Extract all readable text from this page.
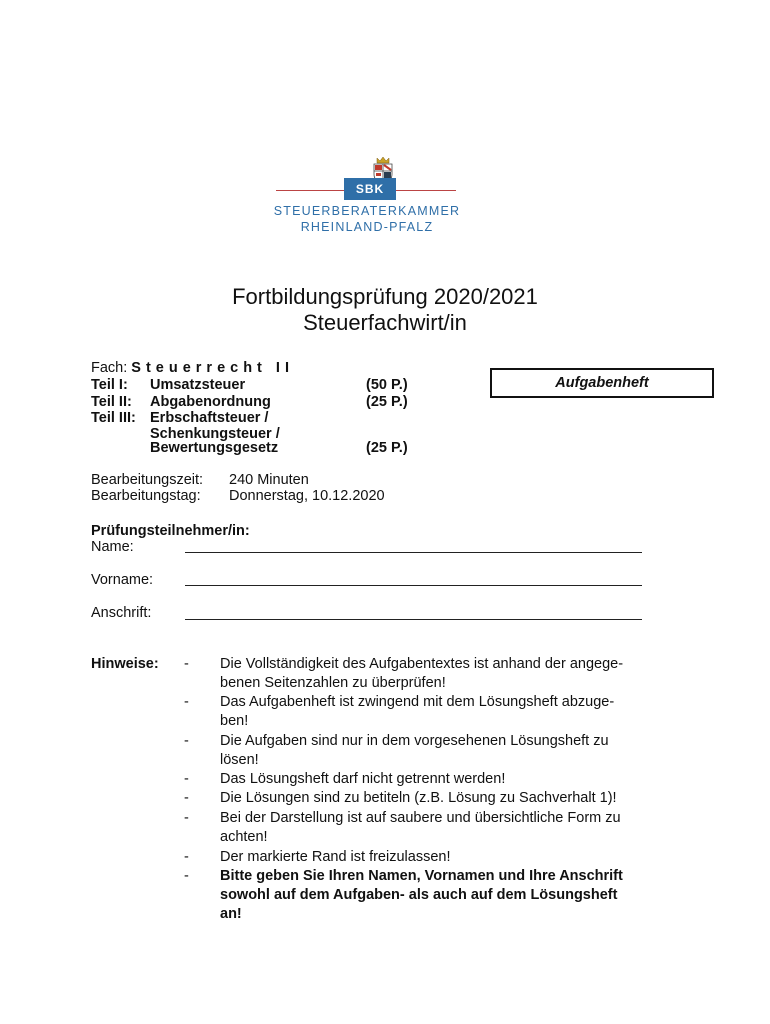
SBK
STEUERBERATERKAMMER
RHEINLAND-PFALZ
Fortbildungsprüfung 2020/2021
Steuerfachwirt/in
Fach: Steuerrecht II
Teil I: Umsatzsteuer	(50 P.)
Teil II: Abgabenordnung	(25 P.)
Teil III: Erbschaftsteuer /
Schenkungsteuer /
Bewertungsgesetz	(25 P.)
Aufgabenheft
Bearbeitungszeit: 240 Minuten
Bearbeitungstag: Donnerstag, 10.12.2020
Prüfungsteilnehmer/in:
Name:
Vorname:
Anschrift:
Hinweise: - Die Vollständigkeit des Aufgabentextes ist anhand der angege-
benen Seitenzahlen zu überprüfen!
- Das Aufgabenheft ist zwingend mit dem Lösungsheft abzuge-
ben!
- Die Aufgaben sind nur in dem vorgesehenen Lösungsheft zu
lösen!
- Das Lösungsheft darf nicht getrennt werden!
- Die Lösungen sind zu betiteln (z.B. Lösung zu Sachverhalt 1)!
- Bei der Darstellung ist auf saubere und übersichtliche Form zu
achten!
- Der markierte Rand ist freizulassen!
- Bitte geben Sie Ihren Namen, Vornamen und Ihre Anschrift
sowohl auf dem Aufgaben- als auch auf dem Lösungsheft
an!
